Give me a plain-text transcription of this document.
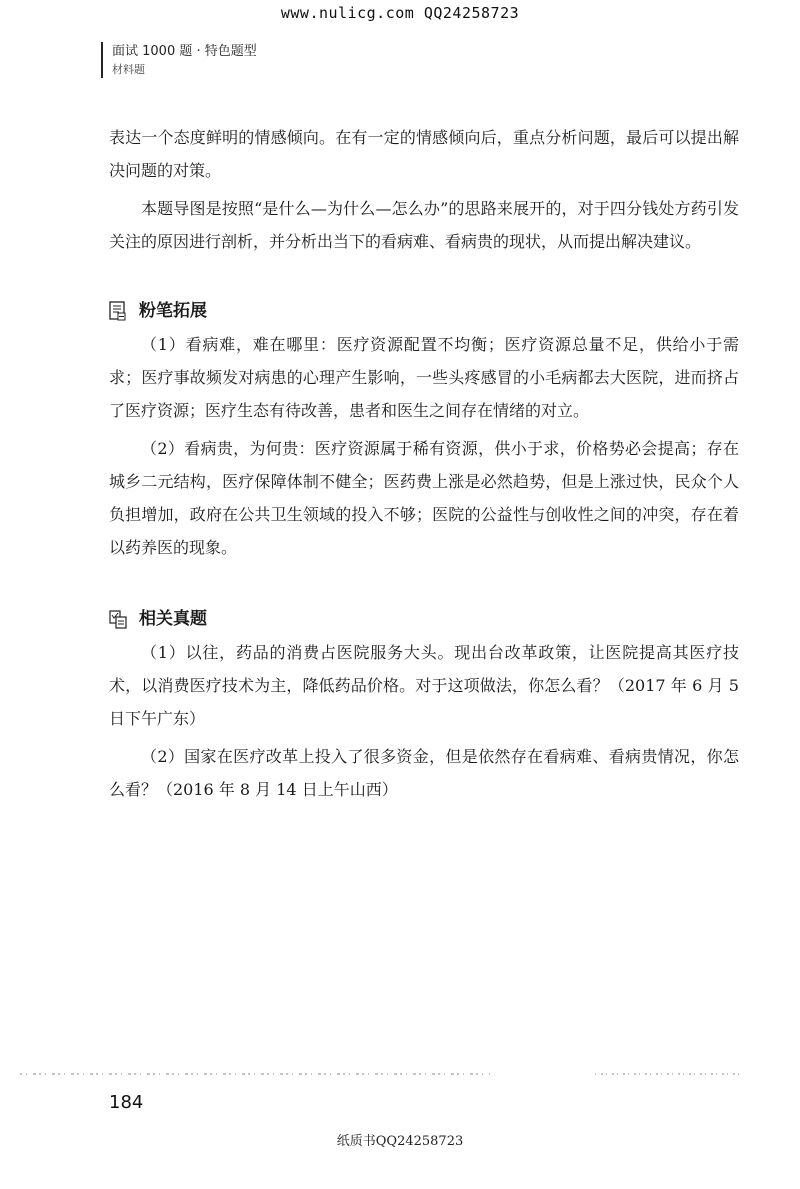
www.nulicg.com QQ24258723
面试 1000 题 · 特色题型
材料题

表达一个态度鲜明的情感倾向。在有一定的情感倾向后，重点分析问题，最后可以提出解决问题的对策。

本题导图是按照“是什么—为什么—怎么办”的思路来展开的，对于四分钱处方药引发关注的原因进行剖析，并分析出当下的看病难、看病贵的现状，从而提出解决建议。

粉笔拓展

（1）看病难，难在哪里：医疗资源配置不均衡；医疗资源总量不足，供给小于需求；医疗事故频发对病患的心理产生影响，一些头疼感冒的小毛病都去大医院，进而挤占了医疗资源；医疗生态有待改善，患者和医生之间存在情绪的对立。

（2）看病贵，为何贵：医疗资源属于稀有资源，供小于求，价格势必会提高；存在城乡二元结构，医疗保障体制不健全；医药费上涨是必然趋势，但是上涨过快，民众个人负担增加，政府在公共卫生领域的投入不够；医院的公益性与创收性之间的冲突，存在着以药养医的现象。

相关真题

（1）以往，药品的消费占医院服务大头。现出台改革政策，让医院提高其医疗技术，以消费医疗技术为主，降低药品价格。对于这项做法，你怎么看？（2017 年 6 月 5 日下午广东）

（2）国家在医疗改革上投入了很多资金，但是依然存在看病难、看病贵情况，你怎么看？（2016 年 8 月 14 日上午山西）

184
纸质书QQ24258723
